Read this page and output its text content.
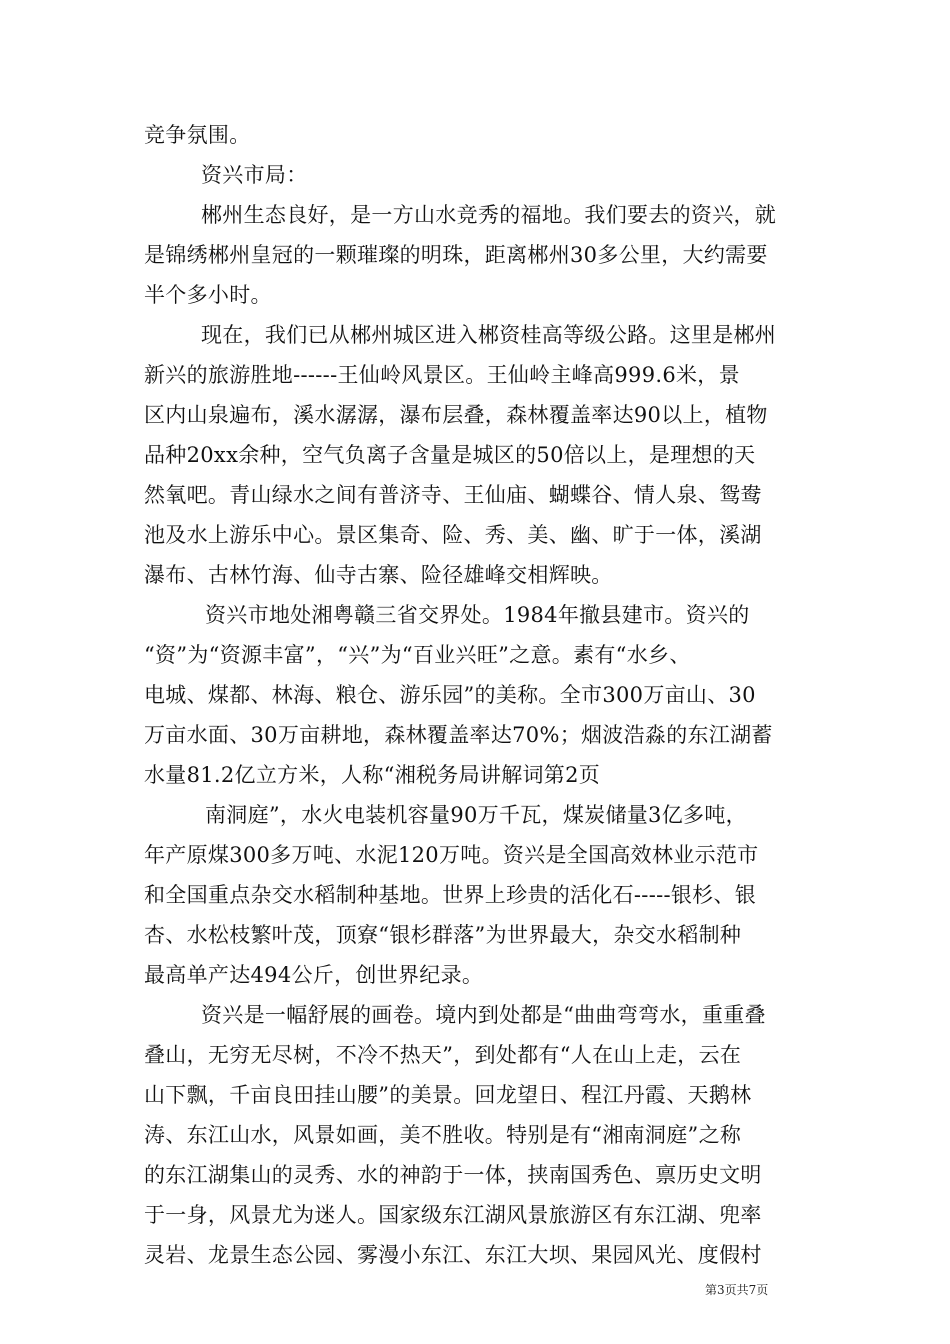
竞争氛围。
资兴市局：
郴州生态良好，是一方山水竞秀的福地。我们要去的资兴，就
是锦绣郴州皇冠的一颗璀璨的明珠，距离郴州30多公里，大约需要
半个多小时。
现在，我们已从郴州城区进入郴资桂高等级公路。这里是郴州
新兴的旅游胜地------王仙岭风景区。王仙岭主峰高999.6米，景
区内山泉遍布，溪水潺潺，瀑布层叠，森林覆盖率达90以上，植物
品种20xx余种，空气负离子含量是城区的50倍以上，是理想的天
然氧吧。青山绿水之间有普济寺、王仙庙、蝴蝶谷、情人泉、鸳鸯
池及水上游乐中心。景区集奇、险、秀、美、幽、旷于一体，溪湖
瀑布、古林竹海、仙寺古寨、险径雄峰交相辉映。
资兴市地处湘粤赣三省交界处。1984年撤县建市。资兴的
“资”为“资源丰富”，“兴”为“百业兴旺”之意。素有“水乡、
电城、煤都、林海、粮仓、游乐园”的美称。全市300万亩山、30
万亩水面、30万亩耕地，森林覆盖率达70%；烟波浩淼的东江湖蓄
水量81.2亿立方米，人称“湘税务局讲解词第2页
南洞庭”，水火电装机容量90万千瓦，煤炭储量3亿多吨，
年产原煤300多万吨、水泥120万吨。资兴是全国高效林业示范市
和全国重点杂交水稻制种基地。世界上珍贵的活化石-----银杉、银
杏、水松枝繁叶茂，顶寮“银杉群落”为世界最大，杂交水稻制种
最高单产达494公斤，创世界纪录。
资兴是一幅舒展的画卷。境内到处都是“曲曲弯弯水，重重叠
叠山，无穷无尽树，不冷不热天”，到处都有“人在山上走，云在
山下飘，千亩良田挂山腰”的美景。回龙望日、程江丹霞、天鹅林
涛、东江山水，风景如画，美不胜收。特别是有“湘南洞庭”之称
的东江湖集山的灵秀、水的神韵于一体，挟南国秀色、禀历史文明
于一身，风景尤为迷人。国家级东江湖风景旅游区有东江湖、兜率
灵岩、龙景生态公园、雾漫小东江、东江大坝、果园风光、度假村
第3页共7页
